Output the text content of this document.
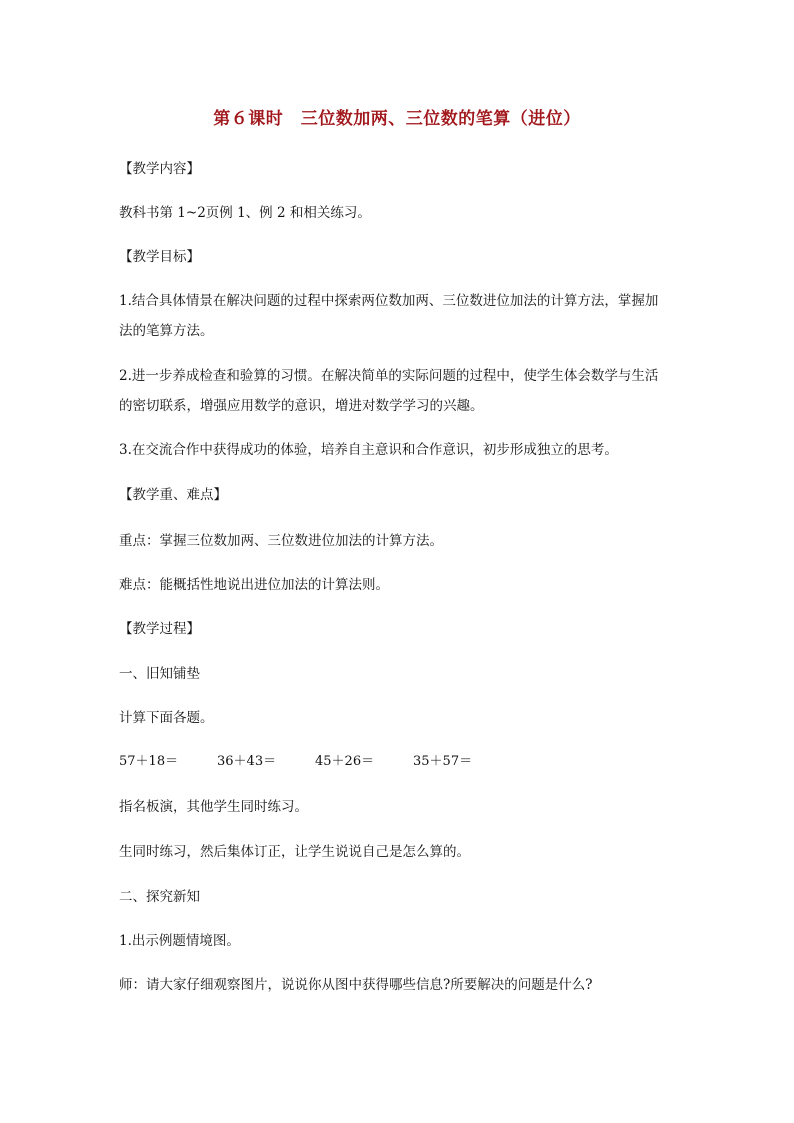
第６课时　三位数加两、三位数的笔算（进位）
【教学内容】
教科书第 1~2页例 1、例 2 和相关练习。
【教学目标】
1.结合具体情景在解决问题的过程中探索两位数加两、三位数进位加法的计算方法，掌握加
法的笔算方法。
2.进一步养成检查和验算的习惯。在解决简单的实际问题的过程中，使学生体会数学与生活
的密切联系，增强应用数学的意识，增进对数学学习的兴趣。
3.在交流合作中获得成功的体验，培养自主意识和合作意识，初步形成独立的思考。
【教学重、难点】
重点：掌握三位数加两、三位数进位加法的计算方法。
难点：能概括性地说出进位加法的计算法则。
【教学过程】
一、旧知铺垫
计算下面各题。
57＋18＝	36＋43＝	45＋26＝	35＋57＝
指名板演，其他学生同时练习。
生同时练习，然后集体订正，让学生说说自己是怎么算的。
二、探究新知
1.出示例题情境图。
师：请大家仔细观察图片，说说你从图中获得哪些信息?所要解决的问题是什么?
